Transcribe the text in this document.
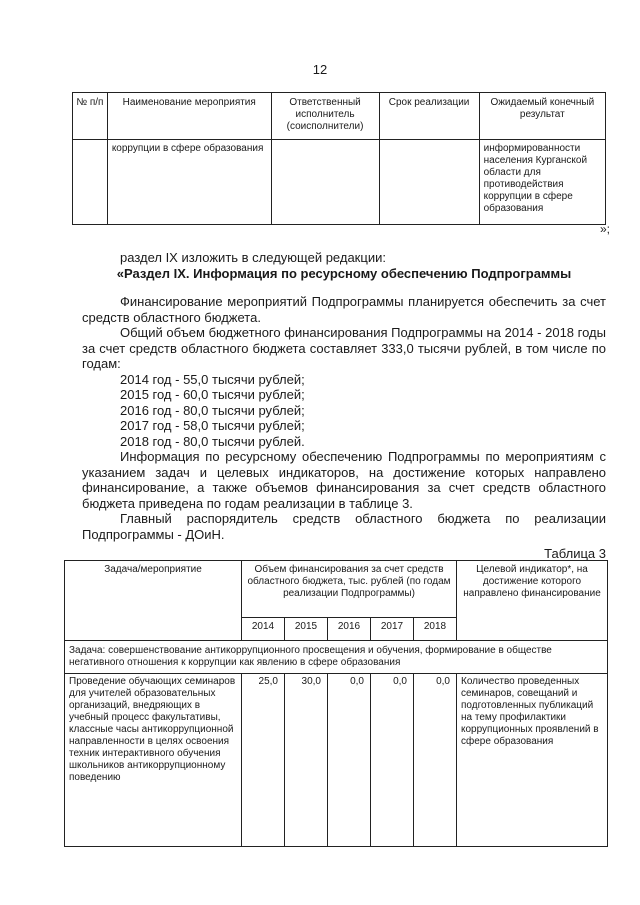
12
№ п/п	Наименование мероприятия	Ответственный исполнитель (соисполнители)	Срок реализации	Ожидаемый конечный результат
	коррупции в сфере образования			информированности населения Курганской области для противодействия коррупции в сфере образования
»;

раздел IX изложить в следующей редакции:

«Раздел IX. Информация по ресурсному обеспечению Подпрограммы

Финансирование мероприятий Подпрограммы планируется обеспечить за счет средств областного бюджета.

Общий объем бюджетного финансирования Подпрограммы на 2014 - 2018 годы за счет средств областного бюджета составляет 333,0 тысячи рублей, в том числе по годам:

2014 год - 55,0 тысячи рублей;

2015 год - 60,0 тысячи рублей;

2016 год - 80,0 тысячи рублей;

2017 год - 58,0 тысячи рублей;

2018 год - 80,0 тысячи рублей.

Информация по ресурсному обеспечению Подпрограммы по мероприятиям с указанием задач и целевых индикаторов, на достижение которых направлено финансирование, а также объемов финансирования за счет средств областного бюджета приведена по годам реализации в таблице 3.

Главный распорядитель средств областного бюджета по реализации Подпрограммы - ДОиН.

Таблица 3
Задача/мероприятие	Объем финансирования за счет средств областного бюджета, тыс. рублей (по годам реализации Подпрограммы)					Целевой индикатор*, на достижение которого направлено финансирование
	2014	2015	2016	2017	2018	
Задача: совершенствование антикоррупционного просвещения и обучения, формирование в обществе негативного отношения к коррупции как явлению в сфере образования						
Проведение обучающих семинаров для учителей образовательных организаций, внедряющих в учебный процесс факультативы, классные часы антикоррупционной направленности в целях освоения техник интерактивного обучения школьников антикоррупционному поведению	25,0	30,0	0,0	0,0	0,0	Количество проведенных семинаров, совещаний и подготовленных публикаций на тему профилактики коррупционных проявлений в сфере образования
